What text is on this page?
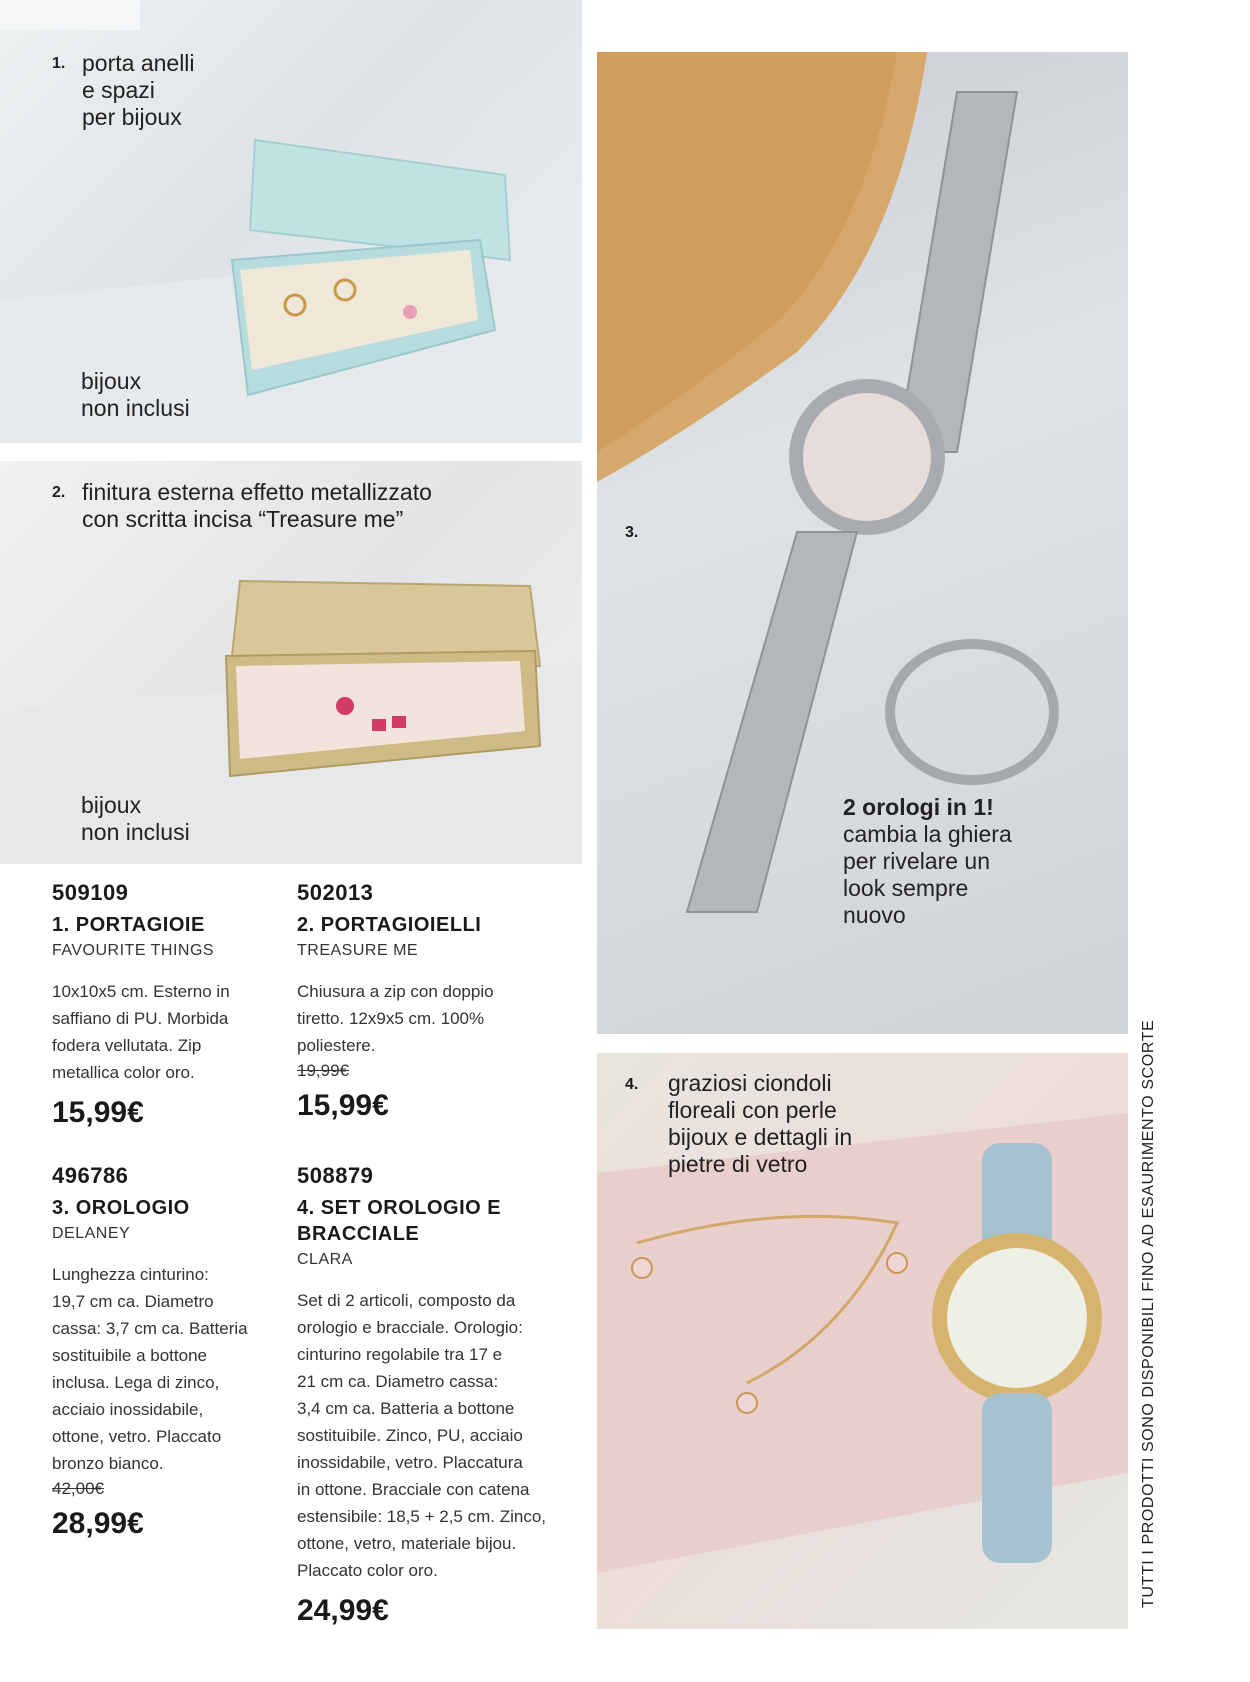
1. porta anelli
e spazi
per bijoux
bijoux
non inclusi
2. finitura esterna effetto metallizzato
con scritta incisa “Treasure me”
bijoux
non inclusi
3.
2 orologi in 1!
cambia la ghiera
per rivelare un
look sempre
nuovo
4. graziosi ciondoli
floreali con perle
bijoux e dettagli in
pietre di vetro
509109
1. PORTAGIOIE
FAVOURITE THINGS
10x10x5 cm. Esterno in
saffiano di PU. Morbida
fodera vellutata. Zip
metallica color oro.
15,99€
502013
2. PORTAGIOIELLI
TREASURE ME
Chiusura a zip con doppio
tiretto. 12x9x5 cm. 100%
poliestere.
19,99€
15,99€
496786
3. OROLOGIO
DELANEY
Lunghezza cinturino:
19,7 cm ca. Diametro
cassa: 3,7 cm ca. Batteria
sostituibile a bottone
inclusa. Lega di zinco,
acciaio inossidabile,
ottone, vetro. Placcato
bronzo bianco.
42,00€
28,99€
508879
4. SET OROLOGIO E
BRACCIALE
CLARA
Set di 2 articoli, composto da
orologio e bracciale. Orologio:
cinturino regolabile tra 17 e
21 cm ca. Diametro cassa:
3,4 cm ca. Batteria a bottone
sostituibile. Zinco, PU, acciaio
inossidabile, vetro. Placcatura
in ottone. Bracciale con catena
estensibile: 18,5 + 2,5 cm. Zinco,
ottone, vetro, materiale bijou.
Placcato color oro.
24,99€
TUTTI I PRODOTTI SONO DISPONIBILI FINO AD ESAURIMENTO SCORTE
